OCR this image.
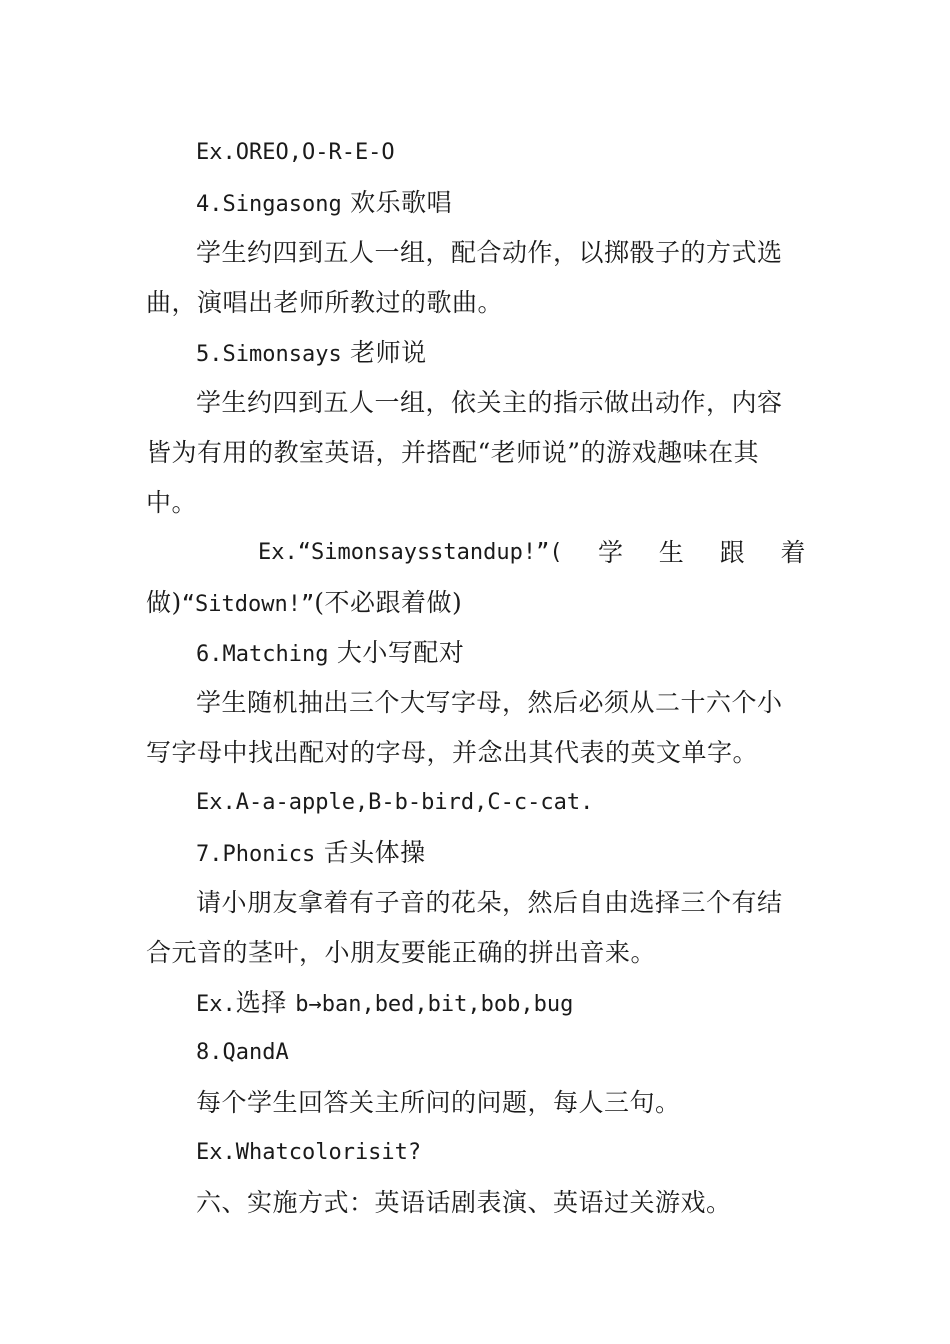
Ex.OREO,O-R-E-O
4.Singasong 欢乐歌唱
学生约四到五人一组，配合动作，以掷骰子的方式选
曲，演唱出老师所教过的歌曲。
5.Simonsays 老师说
学生约四到五人一组，依关主的指示做出动作，内容
皆为有用的教室英语，并搭配“老师说”的游戏趣味在其
中。
Ex.“Simonsaysstandup!”( 学 生 跟 着
做)“Sitdown!”(不必跟着做)
6.Matching 大小写配对
学生随机抽出三个大写字母，然后必须从二十六个小
写字母中找出配对的字母，并念出其代表的英文单字。
Ex.A-a-apple,B-b-bird,C-c-cat.
7.Phonics 舌头体操
请小朋友拿着有子音的花朵，然后自由选择三个有结
合元音的茎叶，小朋友要能正确的拼出音来。
Ex.选择 b→ban,bed,bit,bob,bug
8.QandA
每个学生回答关主所问的问题，每人三句。
Ex.Whatcolorisit?
六、实施方式：英语话剧表演、英语过关游戏。
